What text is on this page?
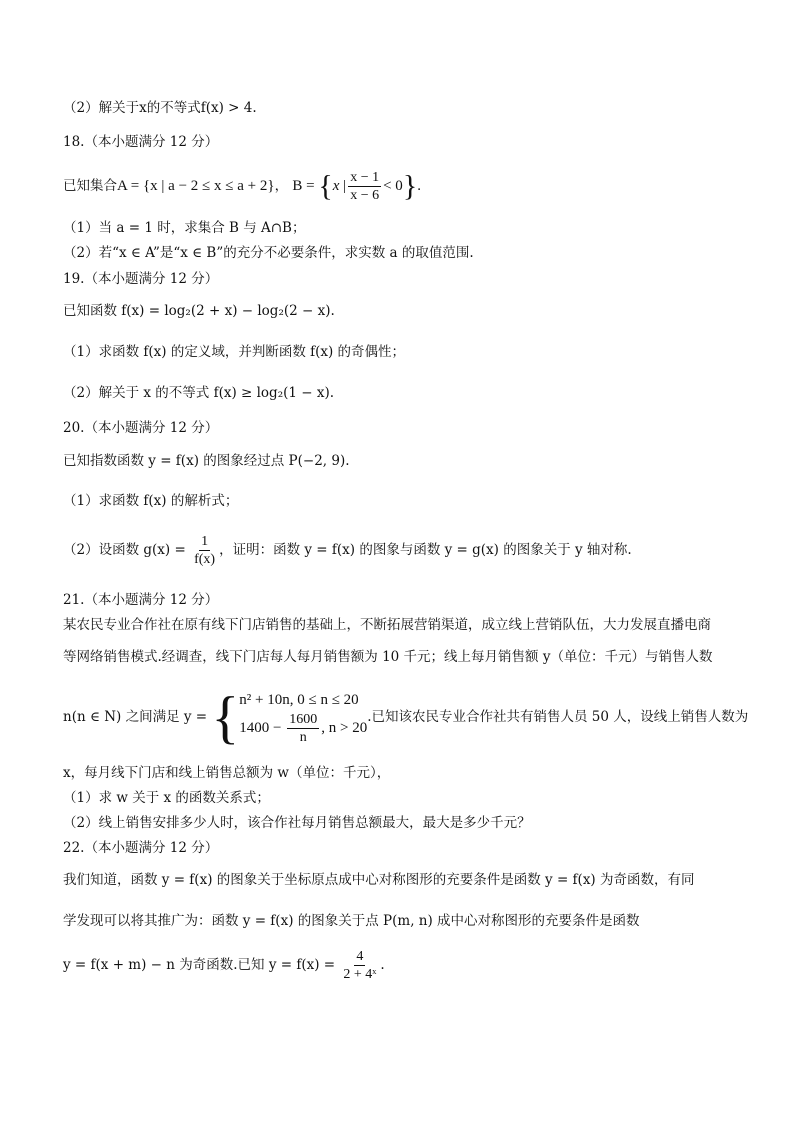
（2）解关于x的不等式f(x) > 4.
18.（本小题满分 12 分）
已知集合A = {x | a − 2 ≤ x ≤ a + 2}， B = {x | $\frac{x - 1}{x - 6} < 0$}.
（1）当 a = 1 时，求集合 B 与 A∩B；
（2）若“x ∈ A”是“x ∈ B”的充分不必要条件，求实数 a 的取值范围.
19.（本小题满分 12 分）
已知函数 f(x) = log₂(2 + x) − log₂(2 − x).
（1）求函数 f(x) 的定义域，并判断函数 f(x) 的奇偶性；
（2）解关于 x 的不等式 f(x) ≥ log₂(1 − x).
20.（本小题满分 12 分）
已知指数函数 y = f(x) 的图象经过点 P(−2, 9).
（1）求函数 f(x) 的解析式；
（2）设函数 $g(x) = \frac{1}{f(x)}$ ，证明：函数 y = f(x) 的图象与函数 y = g(x) 的图象关于 y 轴对称.
21.（本小题满分 12 分）
某农民专业合作社在原有线下门店销售的基础上，不断拓展营销渠道，成立线上营销队伍，大力发展直播电商
等网络销售模式.经调查，线下门店每人每月销售额为 10 千元；线上每月销售额 y（单位：千元）与销售人数
n(n ∈ N) 之间满足 y = { n² + 10n, 0 ≤ n ≤ 20
$1400 - \frac{1600}{n}$ , n > 20
.已知该农民专业合作社共有销售人员 50 人，设线上销售人数为
x，每月线下门店和线上销售总额为 w（单位：千元），
（1）求 w 关于 x 的函数关系式；
（2）线上销售安排多少人时，该合作社每月销售总额最大，最大是多少千元？
22.（本小题满分 12 分）
我们知道，函数 y = f(x) 的图象关于坐标原点成中心对称图形的充要条件是函数 y = f(x) 为奇函数，有同
学发现可以将其推广为：函数 y = f(x) 的图象关于点 P(m, n) 成中心对称图形的充要条件是函数
y = f(x + m) − n 为奇函数.已知 $y = f(x) = \frac{4}{\text{2 + 4ˣ}}$ .
